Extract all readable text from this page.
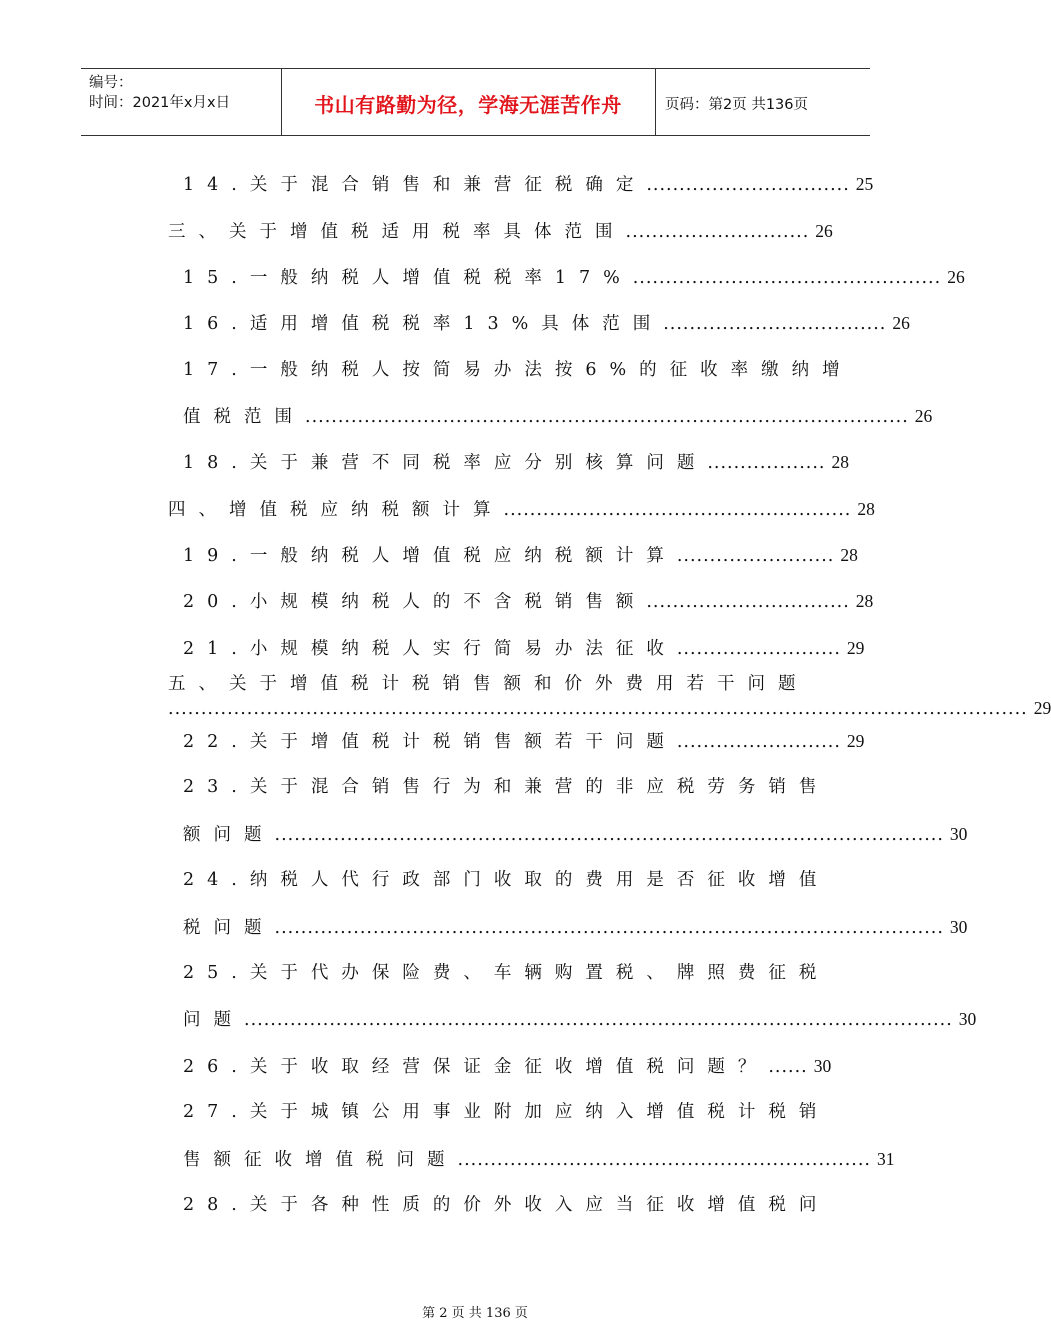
编号：
时间：2021年x月x日	书山有路勤为径，学海无涯苦作舟	页码：第2页 共136页
14.关于混合销售和兼营征税确定 ............................... 25
三、关于增值税适用税率具体范围 ............................ 26
15.一般纳税人增值税税率17% ............................................... 26
16.适用增值税税率13%具体范围 .................................. 26
17.一般纳税人按简易办法按6%的征收率缴纳增
值税范围 ............................................................................................ 26
18.关于兼营不同税率应分别核算问题 .................. 28
四、增值税应纳税额计算 ..................................................... 28
19.一般纳税人增值税应纳税额计算 ........................ 28
20.小规模纳税人的不含税销售额 ............................... 28
21.小规模纳税人实行简易办法征收 ......................... 29
五、关于增值税计税销售额和价外费用若干问题
................................................................................................................................... 29
22.关于增值税计税销售额若干问题 ......................... 29
23.关于混合销售行为和兼营的非应税劳务销售
额问题 ...................................................................................................... 30
24.纳税人代行政部门收取的费用是否征收增值
税问题 ...................................................................................................... 30
25.关于代办保险费、车辆购置税、牌照费征税
问题 ............................................................................................................ 30
26.关于收取经营保证金征收增值税问题？ ...... 30
27.关于城镇公用事业附加应纳入增值税计税销
售额征收增值税问题 ............................................................... 31
28.关于各种性质的价外收入应当征收增值税问
第 2 页 共 136 页
